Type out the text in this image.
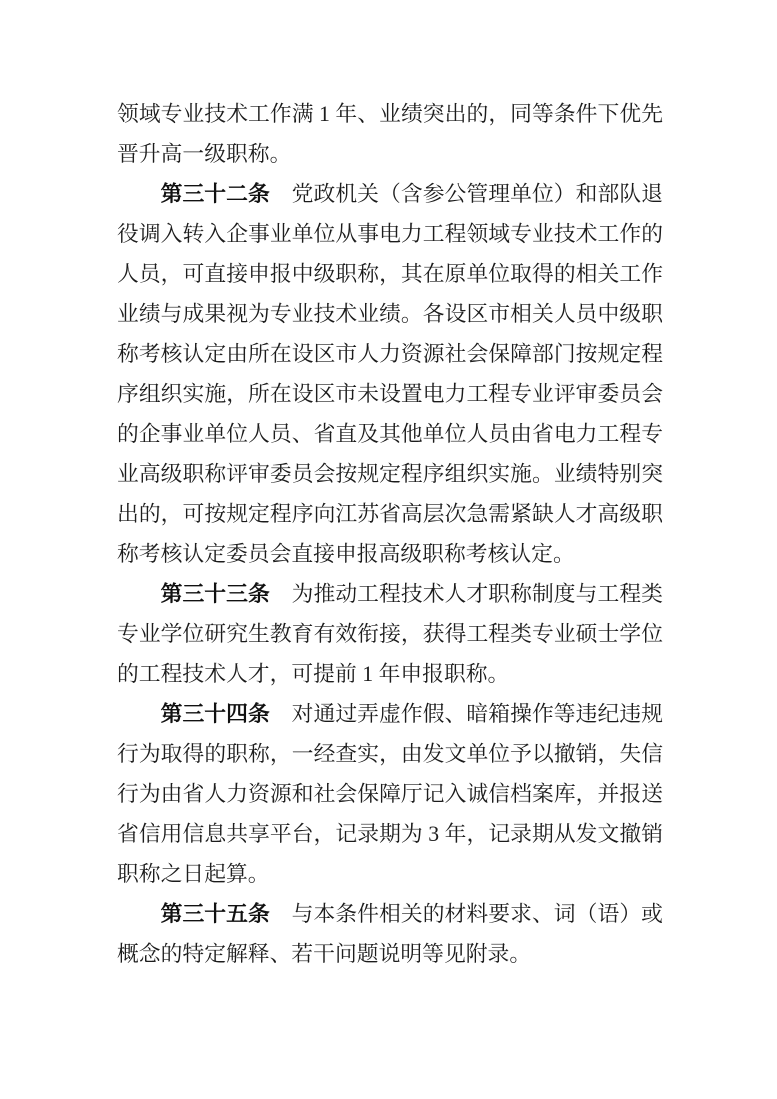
领域专业技术工作满 1 年、业绩突出的，同等条件下优先晋升高一级职称。

第三十二条 党政机关（含参公管理单位）和部队退役调入转入企事业单位从事电力工程领域专业技术工作的人员，可直接申报中级职称，其在原单位取得的相关工作业绩与成果视为专业技术业绩。各设区市相关人员中级职称考核认定由所在设区市人力资源社会保障部门按规定程序组织实施，所在设区市未设置电力工程专业评审委员会的企事业单位人员、省直及其他单位人员由省电力工程专业高级职称评审委员会按规定程序组织实施。业绩特别突出的，可按规定程序向江苏省高层次急需紧缺人才高级职称考核认定委员会直接申报高级职称考核认定。

第三十三条 为推动工程技术人才职称制度与工程类专业学位研究生教育有效衔接，获得工程类专业硕士学位的工程技术人才，可提前 1 年申报职称。

第三十四条 对通过弄虚作假、暗箱操作等违纪违规行为取得的职称，一经查实，由发文单位予以撤销，失信行为由省人力资源和社会保障厅记入诚信档案库，并报送省信用信息共享平台，记录期为 3 年，记录期从发文撤销职称之日起算。

第三十五条 与本条件相关的材料要求、词（语）或概念的特定解释、若干问题说明等见附录。
